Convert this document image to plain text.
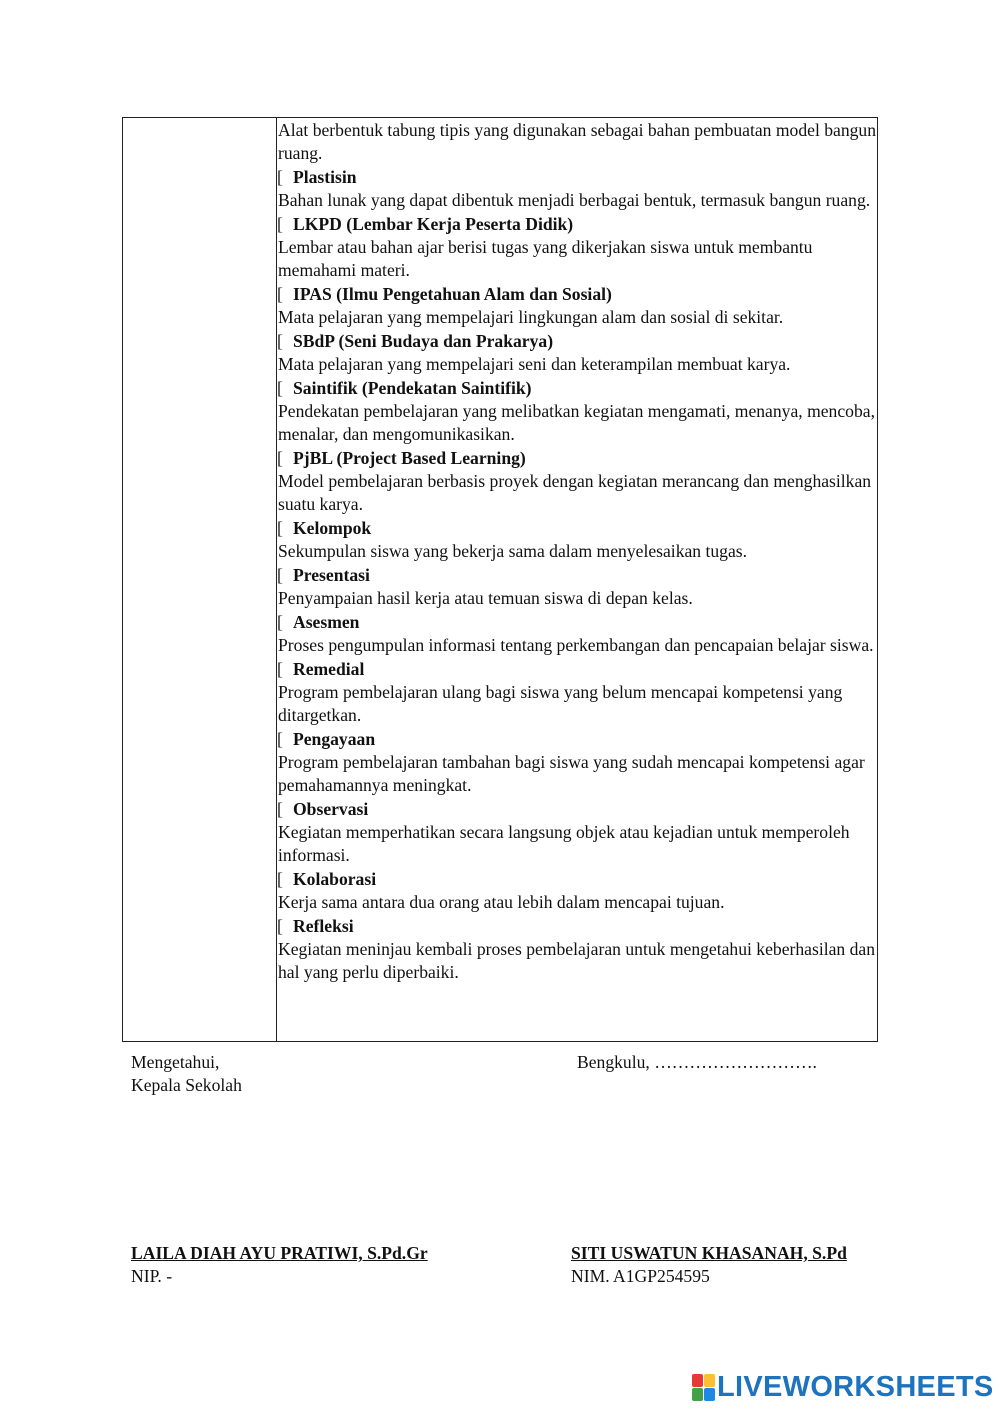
Alat berbentuk tabung tipis yang digunakan sebagai bahan pembuatan model bangun ruang.
[ Plastisin
Bahan lunak yang dapat dibentuk menjadi berbagai bentuk, termasuk bangun ruang.
[ LKPD (Lembar Kerja Peserta Didik)
Lembar atau bahan ajar berisi tugas yang dikerjakan siswa untuk membantu memahami materi.
[ IPAS (Ilmu Pengetahuan Alam dan Sosial)
Mata pelajaran yang mempelajari lingkungan alam dan sosial di sekitar.
[ SBdP (Seni Budaya dan Prakarya)
Mata pelajaran yang mempelajari seni dan keterampilan membuat karya.
[ Saintifik (Pendekatan Saintifik)
Pendekatan pembelajaran yang melibatkan kegiatan mengamati, menanya, mencoba, menalar, dan mengomunikasikan.
[ PjBL (Project Based Learning)
Model pembelajaran berbasis proyek dengan kegiatan merancang dan menghasilkan suatu karya.
[ Kelompok
Sekumpulan siswa yang bekerja sama dalam menyelesaikan tugas.
[ Presentasi
Penyampaian hasil kerja atau temuan siswa di depan kelas.
[ Asesmen
Proses pengumpulan informasi tentang perkembangan dan pencapaian belajar siswa.
[ Remedial
Program pembelajaran ulang bagi siswa yang belum mencapai kompetensi yang ditargetkan.
[ Pengayaan
Program pembelajaran tambahan bagi siswa yang sudah mencapai kompetensi agar pemahamannya meningkat.
[ Observasi
Kegiatan memperhatikan secara langsung objek atau kejadian untuk memperoleh informasi.
[ Kolaborasi
Kerja sama antara dua orang atau lebih dalam mencapai tujuan.
[ Refleksi
Kegiatan meninjau kembali proses pembelajaran untuk mengetahui keberhasilan dan hal yang perlu diperbaiki.
Mengetahui,
Kepala Sekolah
Bengkulu, ……………………….
LAILA DIAH AYU PRATIWI, S.Pd.Gr
NIP. -
SITI USWATUN KHASANAH, S.Pd
NIM. A1GP254595
LIVEWORKSHEETS
